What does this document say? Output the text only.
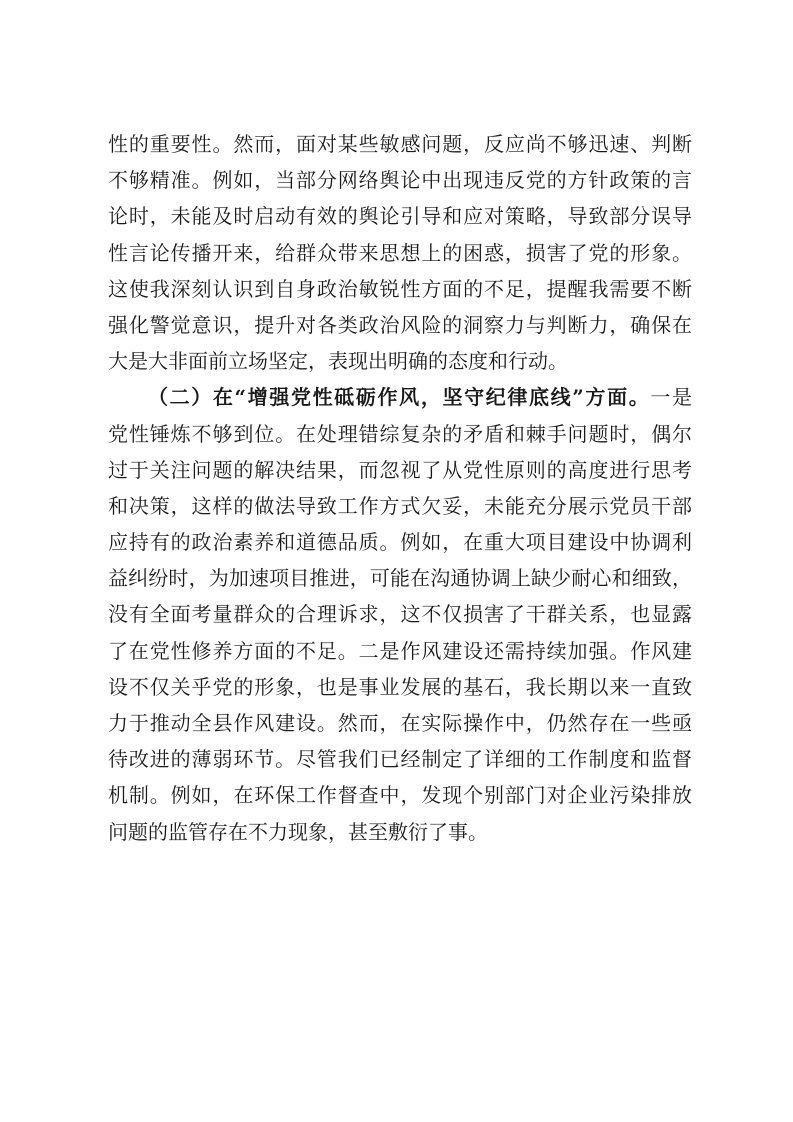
性的重要性。然而，面对某些敏感问题，反应尚不够迅速、判断
不够精准。例如，当部分网络舆论中出现违反党的方针政策的言
论时，未能及时启动有效的舆论引导和应对策略，导致部分误导
性言论传播开来，给群众带来思想上的困惑，损害了党的形象。
这使我深刻认识到自身政治敏锐性方面的不足，提醒我需要不断
强化警觉意识，提升对各类政治风险的洞察力与判断力，确保在
大是大非面前立场坚定，表现出明确的态度和行动。
（二）在“增强党性砥砺作风，坚守纪律底线”方面。一是
党性锤炼不够到位。在处理错综复杂的矛盾和棘手问题时，偶尔
过于关注问题的解决结果，而忽视了从党性原则的高度进行思考
和决策，这样的做法导致工作方式欠妥，未能充分展示党员干部
应持有的政治素养和道德品质。例如，在重大项目建设中协调利
益纠纷时，为加速项目推进，可能在沟通协调上缺少耐心和细致，
没有全面考量群众的合理诉求，这不仅损害了干群关系，也显露
了在党性修养方面的不足。二是作风建设还需持续加强。作风建
设不仅关乎党的形象，也是事业发展的基石，我长期以来一直致
力于推动全县作风建设。然而，在实际操作中，仍然存在一些亟
待改进的薄弱环节。尽管我们已经制定了详细的工作制度和监督
机制。例如，在环保工作督查中，发现个别部门对企业污染排放
问题的监管存在不力现象，甚至敷衍了事。
